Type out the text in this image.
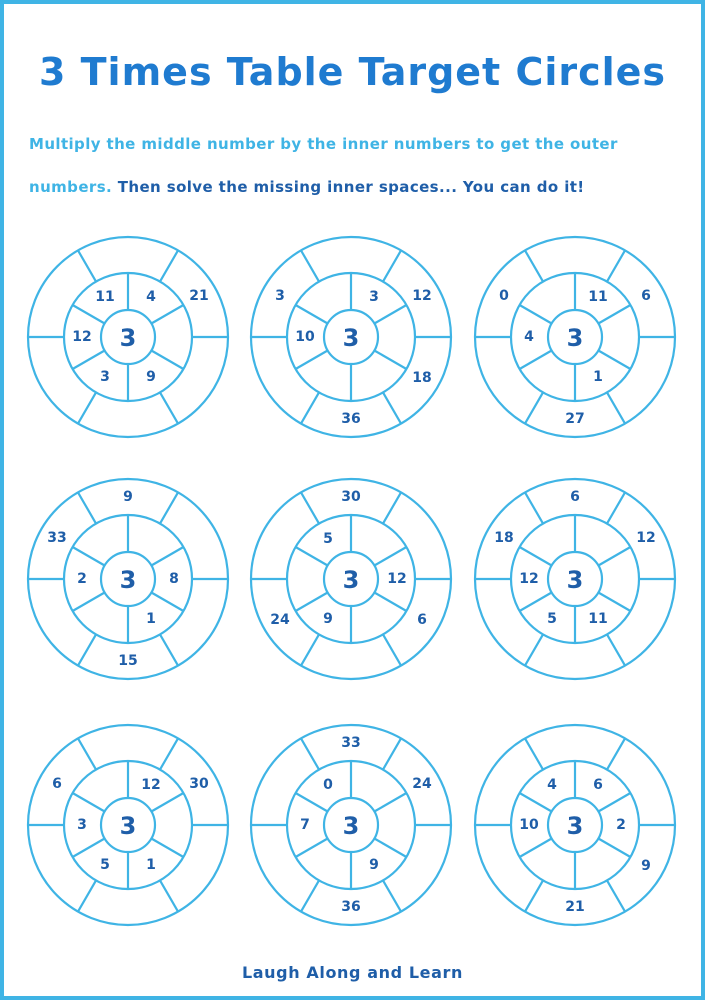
3 Times Table Target Circles
Multiply the middle number by the inner numbers to get the outer
numbers. Then solve the missing inner spaces... You can do it!
3
4
9
3
12
11	21
3
3
10
12
18
36
3
3
11
1
4
6
27
0
3 8
1
2
9
15
33
3 12
9
5
30
6
24
3
11
5
12
6
12
18
3
12
1
5
3
30
6
3
9
7
0
33
24
36
3
6
2
10
4
9
21
Laugh Along and Learn
